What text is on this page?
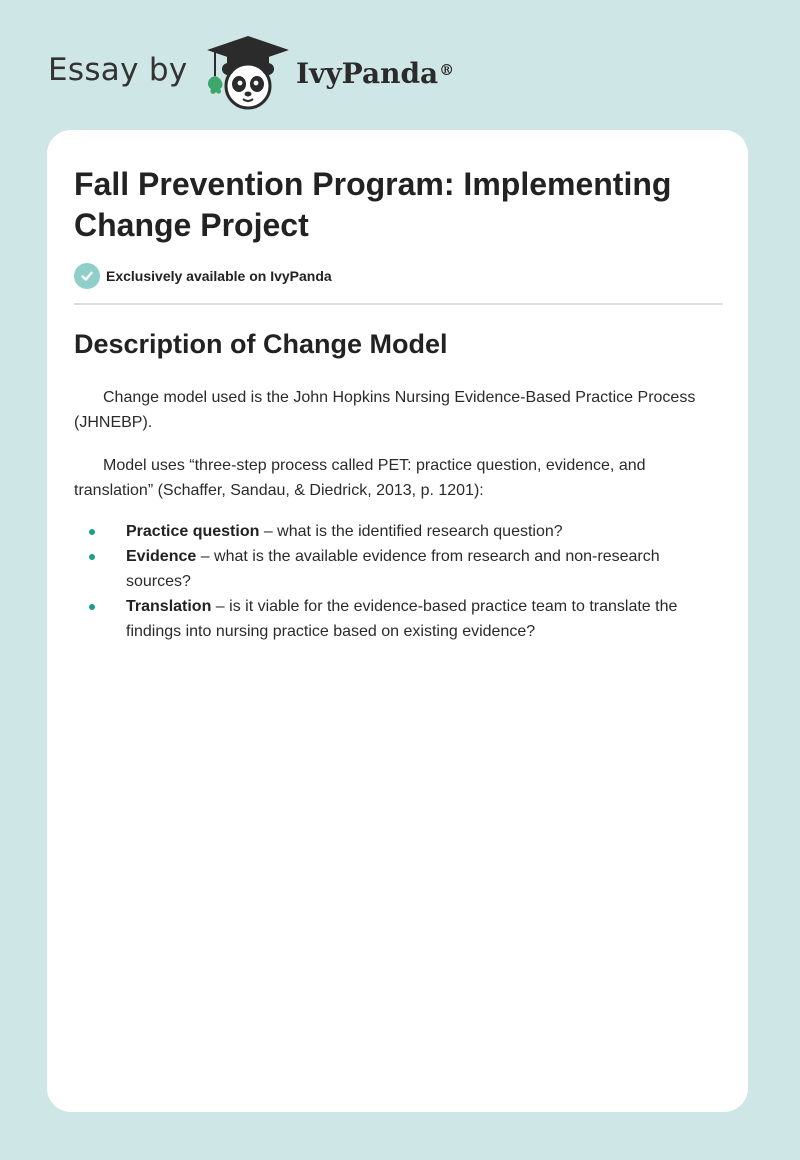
Essay by	IvyPanda®
Fall Prevention Program: Implementing Change Project
Exclusively available on IvyPanda
Description of Change Model

Change model used is the John Hopkins Nursing Evidence-Based Practice Process (JHNEBP).

Model uses “three-step process called PET: practice question, evidence, and translation” (Schaffer, Sandau, & Diedrick, 2013, p. 1201):

Practice question – what is the identified research question?
Evidence – what is the available evidence from research and non-research sources?
Translation – is it viable for the evidence-based practice team to translate the findings into nursing practice based on existing evidence?
